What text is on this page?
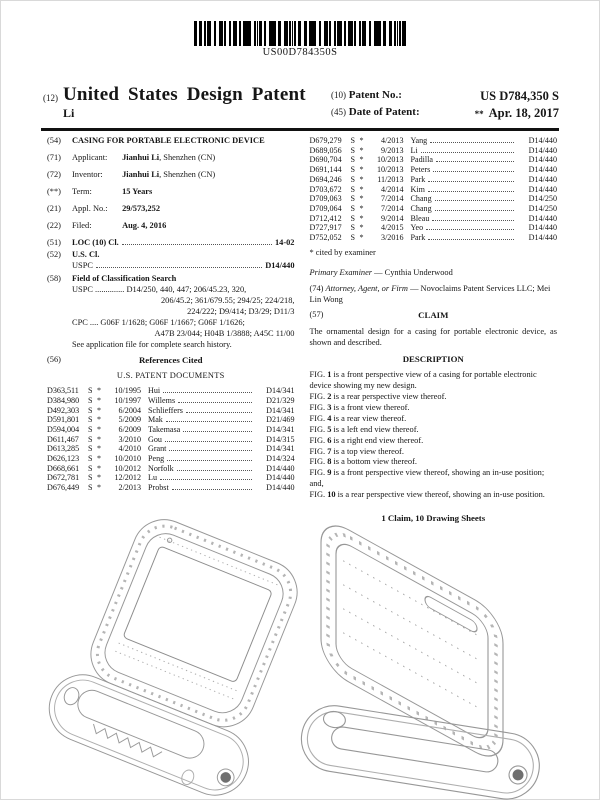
US00D784350S
(12) United States Design Patent
Li
(10) Patent No.:	US D784,350 S
(45) Date of Patent:	** Apr. 18, 2017
(54)	CASING FOR PORTABLE ELECTRONIC DEVICE
(71)	Applicant: Jianhui Li, Shenzhen (CN)
(72)	Inventor: Jianhui Li, Shenzhen (CN)
(**)	Term:	15 Years
(21)	Appl. No.: 29/573,252
(22)	Filed:	Aug. 4, 2016
(51)	LOC (10) Cl.	14-02
(52)	U.S. Cl.
USPC	D14/440
(58)	Field of Classification Search
USPC .............. D14/250, 440, 447; 206/45.23, 320,
206/45.2; 361/679.55; 294/25; 224/218,
224/222; D9/414; D3/29; D11/3
CPC .... G06F 1/1628; G06F 1/1667; G06F 1/1626;
A47B 23/044; H04B 1/3888; A45C 11/00
See application file for complete search history.
(56)	References Cited
U.S. PATENT DOCUMENTS
D363,511	S *	10/1995 Hui	D14/341
D384,980	S *	10/1997 Willems	D21/329
D492,303	S *	6/2004 Schlieffers	D14/341
D591,801	S *	5/2009 Mak	D21/469
D594,004	S *	6/2009 Takemasa	D14/341
D611,467	S *	3/2010 Gou	D14/315
D613,285	S *	4/2010 Grant	D14/341
D626,123	S *	10/2010 Peng	D14/324
D668,661	S *	10/2012 Norfolk	D14/440
D672,781	S *	12/2012 Lu	D14/440
D676,449	S *	2/2013 Probst	D14/440
D679,279	S *	4/2013 Yang	D14/440
D689,056	S *	9/2013 Li	D14/440
D690,704	S *	10/2013 Padilla	D14/440
D691,144	S *	10/2013 Peters	D14/440
D694,246	S *	11/2013 Park	D14/440
D703,672	S *	4/2014 Kim	D14/440
D709,063	S *	7/2014 Chang	D14/250
D709,064	S *	7/2014 Chang	D14/250
D712,412	S *	9/2014 Bleau	D14/440
D727,917	S *	4/2015 Yeo	D14/440
D752,052	S *	3/2016 Park	D14/440
* cited by examiner
Primary Examiner — Cynthia Underwood
(74) Attorney, Agent, or Firm — Novoclaims Patent Services LLC; Mei Lin Wong
(57)	CLAIM
The ornamental design for a casing for portable electronic device, as shown and described.
DESCRIPTION

FIG. 1 is a front perspective view of a casing for portable electronic device showing my new design.

FIG. 2 is a rear perspective view thereof.

FIG. 3 is a front view thereof.

FIG. 4 is a rear view thereof.

FIG. 5 is a left end view thereof.

FIG. 6 is a right end view thereof.

FIG. 7 is a top view thereof.

FIG. 8 is a bottom view thereof.

FIG. 9 is a front perspective view thereof, showing an in-use position; and,

FIG. 10 is a rear perspective view thereof, showing an in-use position.

1 Claim, 10 Drawing Sheets
